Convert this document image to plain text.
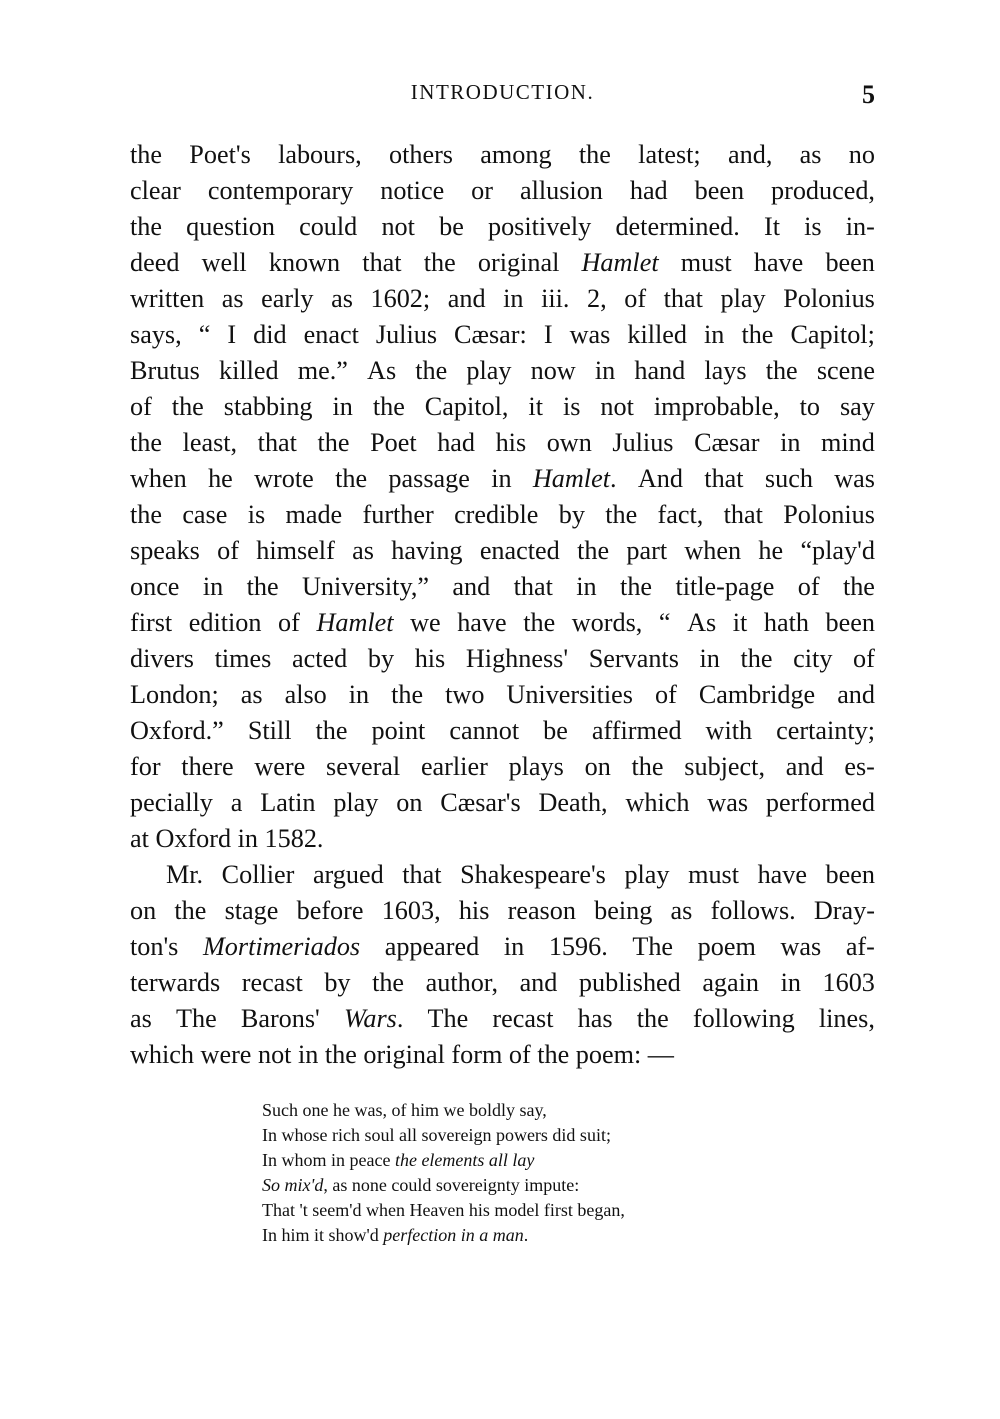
INTRODUCTION.	5
the Poet's labours, others among the latest; and, as no
clear contemporary notice or allusion had been produced,
the question could not be positively determined. It is in-
deed well known that the original Hamlet must have been
written as early as 1602; and in iii. 2, of that play Polonius
says, “ I did enact Julius Cæsar: I was killed in the Capitol;
Brutus killed me.” As the play now in hand lays the scene
of the stabbing in the Capitol, it is not improbable, to say
the least, that the Poet had his own Julius Cæsar in mind
when he wrote the passage in Hamlet. And that such was
the case is made further credible by the fact, that Polonius
speaks of himself as having enacted the part when he “play'd
once in the University,” and that in the title-page of the
first edition of Hamlet we have the words, “ As it hath been
divers times acted by his Highness' Servants in the city of
London; as also in the two Universities of Cambridge and
Oxford.” Still the point cannot be affirmed with certainty;
for there were several earlier plays on the subject, and es-
pecially a Latin play on Cæsar's Death, which was performed
at Oxford in 1582.
Mr. Collier argued that Shakespeare's play must have been
on the stage before 1603, his reason being as follows. Dray-
ton's Mortimeriados appeared in 1596. The poem was af-
terwards recast by the author, and published again in 1603
as The Barons' Wars. The recast has the following lines,
which were not in the original form of the poem: —
Such one he was, of him we boldly say,
In whose rich soul all sovereign powers did suit;
In whom in peace the elements all lay
So mix'd, as none could sovereignty impute:
That 't seem'd when Heaven his model first began,
In him it show'd perfection in a man.
